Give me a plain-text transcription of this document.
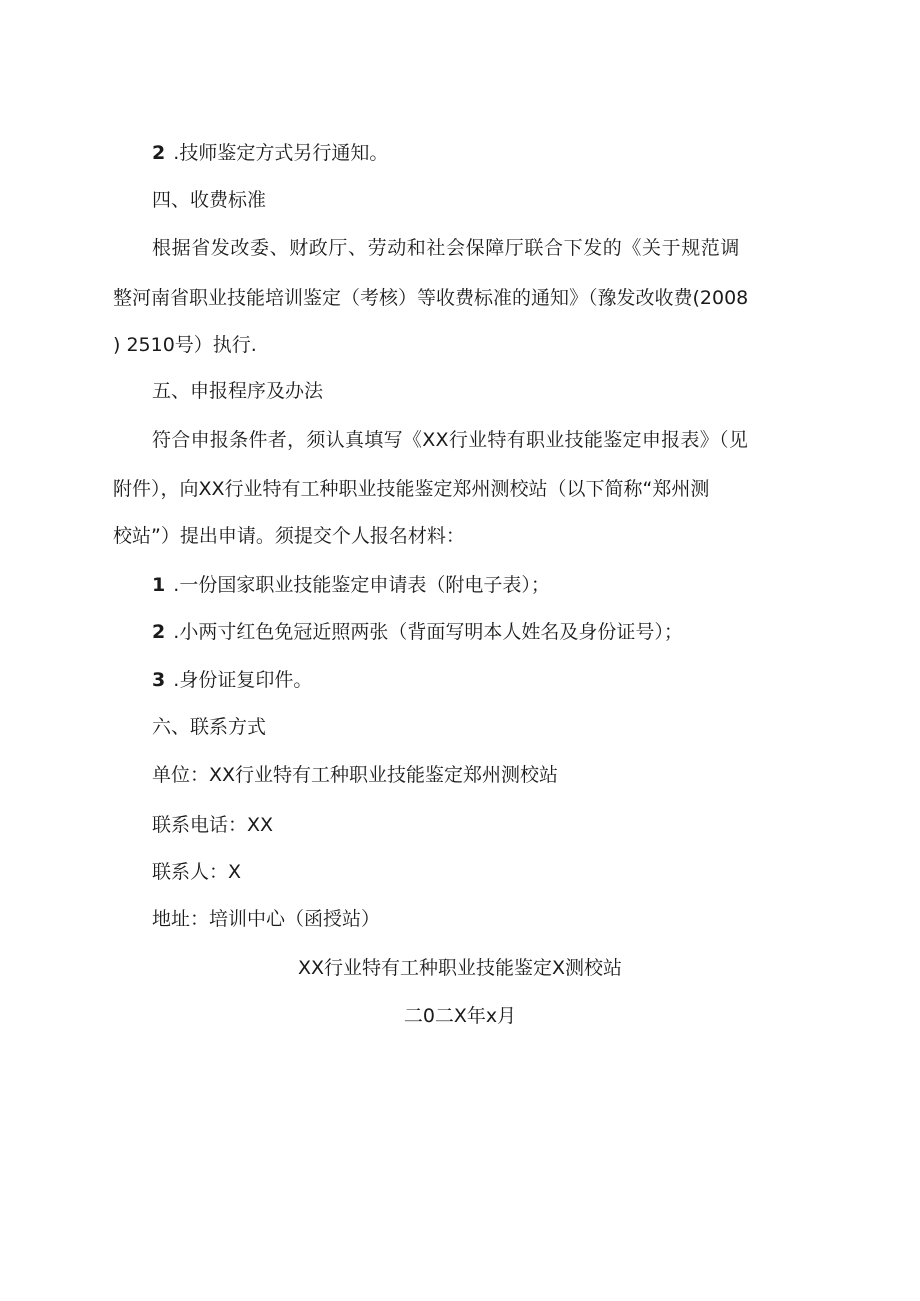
2 .技师鉴定方式另行通知。
四、收费标准
根据省发改委、财政厅、劳动和社会保障厅联合下发的《关于规范调
整河南省职业技能培训鉴定（考核）等收费标准的通知》（豫发改收费(2008
) 2510号）执行.
五、申报程序及办法
符合申报条件者，须认真填写《XX行业特有职业技能鉴定申报表》（见
附件），向XX行业特有工种职业技能鉴定郑州测校站（以下简称“郑州测
校站”）提出申请。须提交个人报名材料：
1 .一份国家职业技能鉴定申请表（附电子表）；
2 .小两寸红色免冠近照两张（背面写明本人姓名及身份证号）；
3 .身份证复印件。
六、联系方式
单位：XX行业特有工种职业技能鉴定郑州测校站
联系电话：XX
联系人：X
地址：培训中心（函授站）
XX行业特有工种职业技能鉴定X测校站
二0二X年x月
